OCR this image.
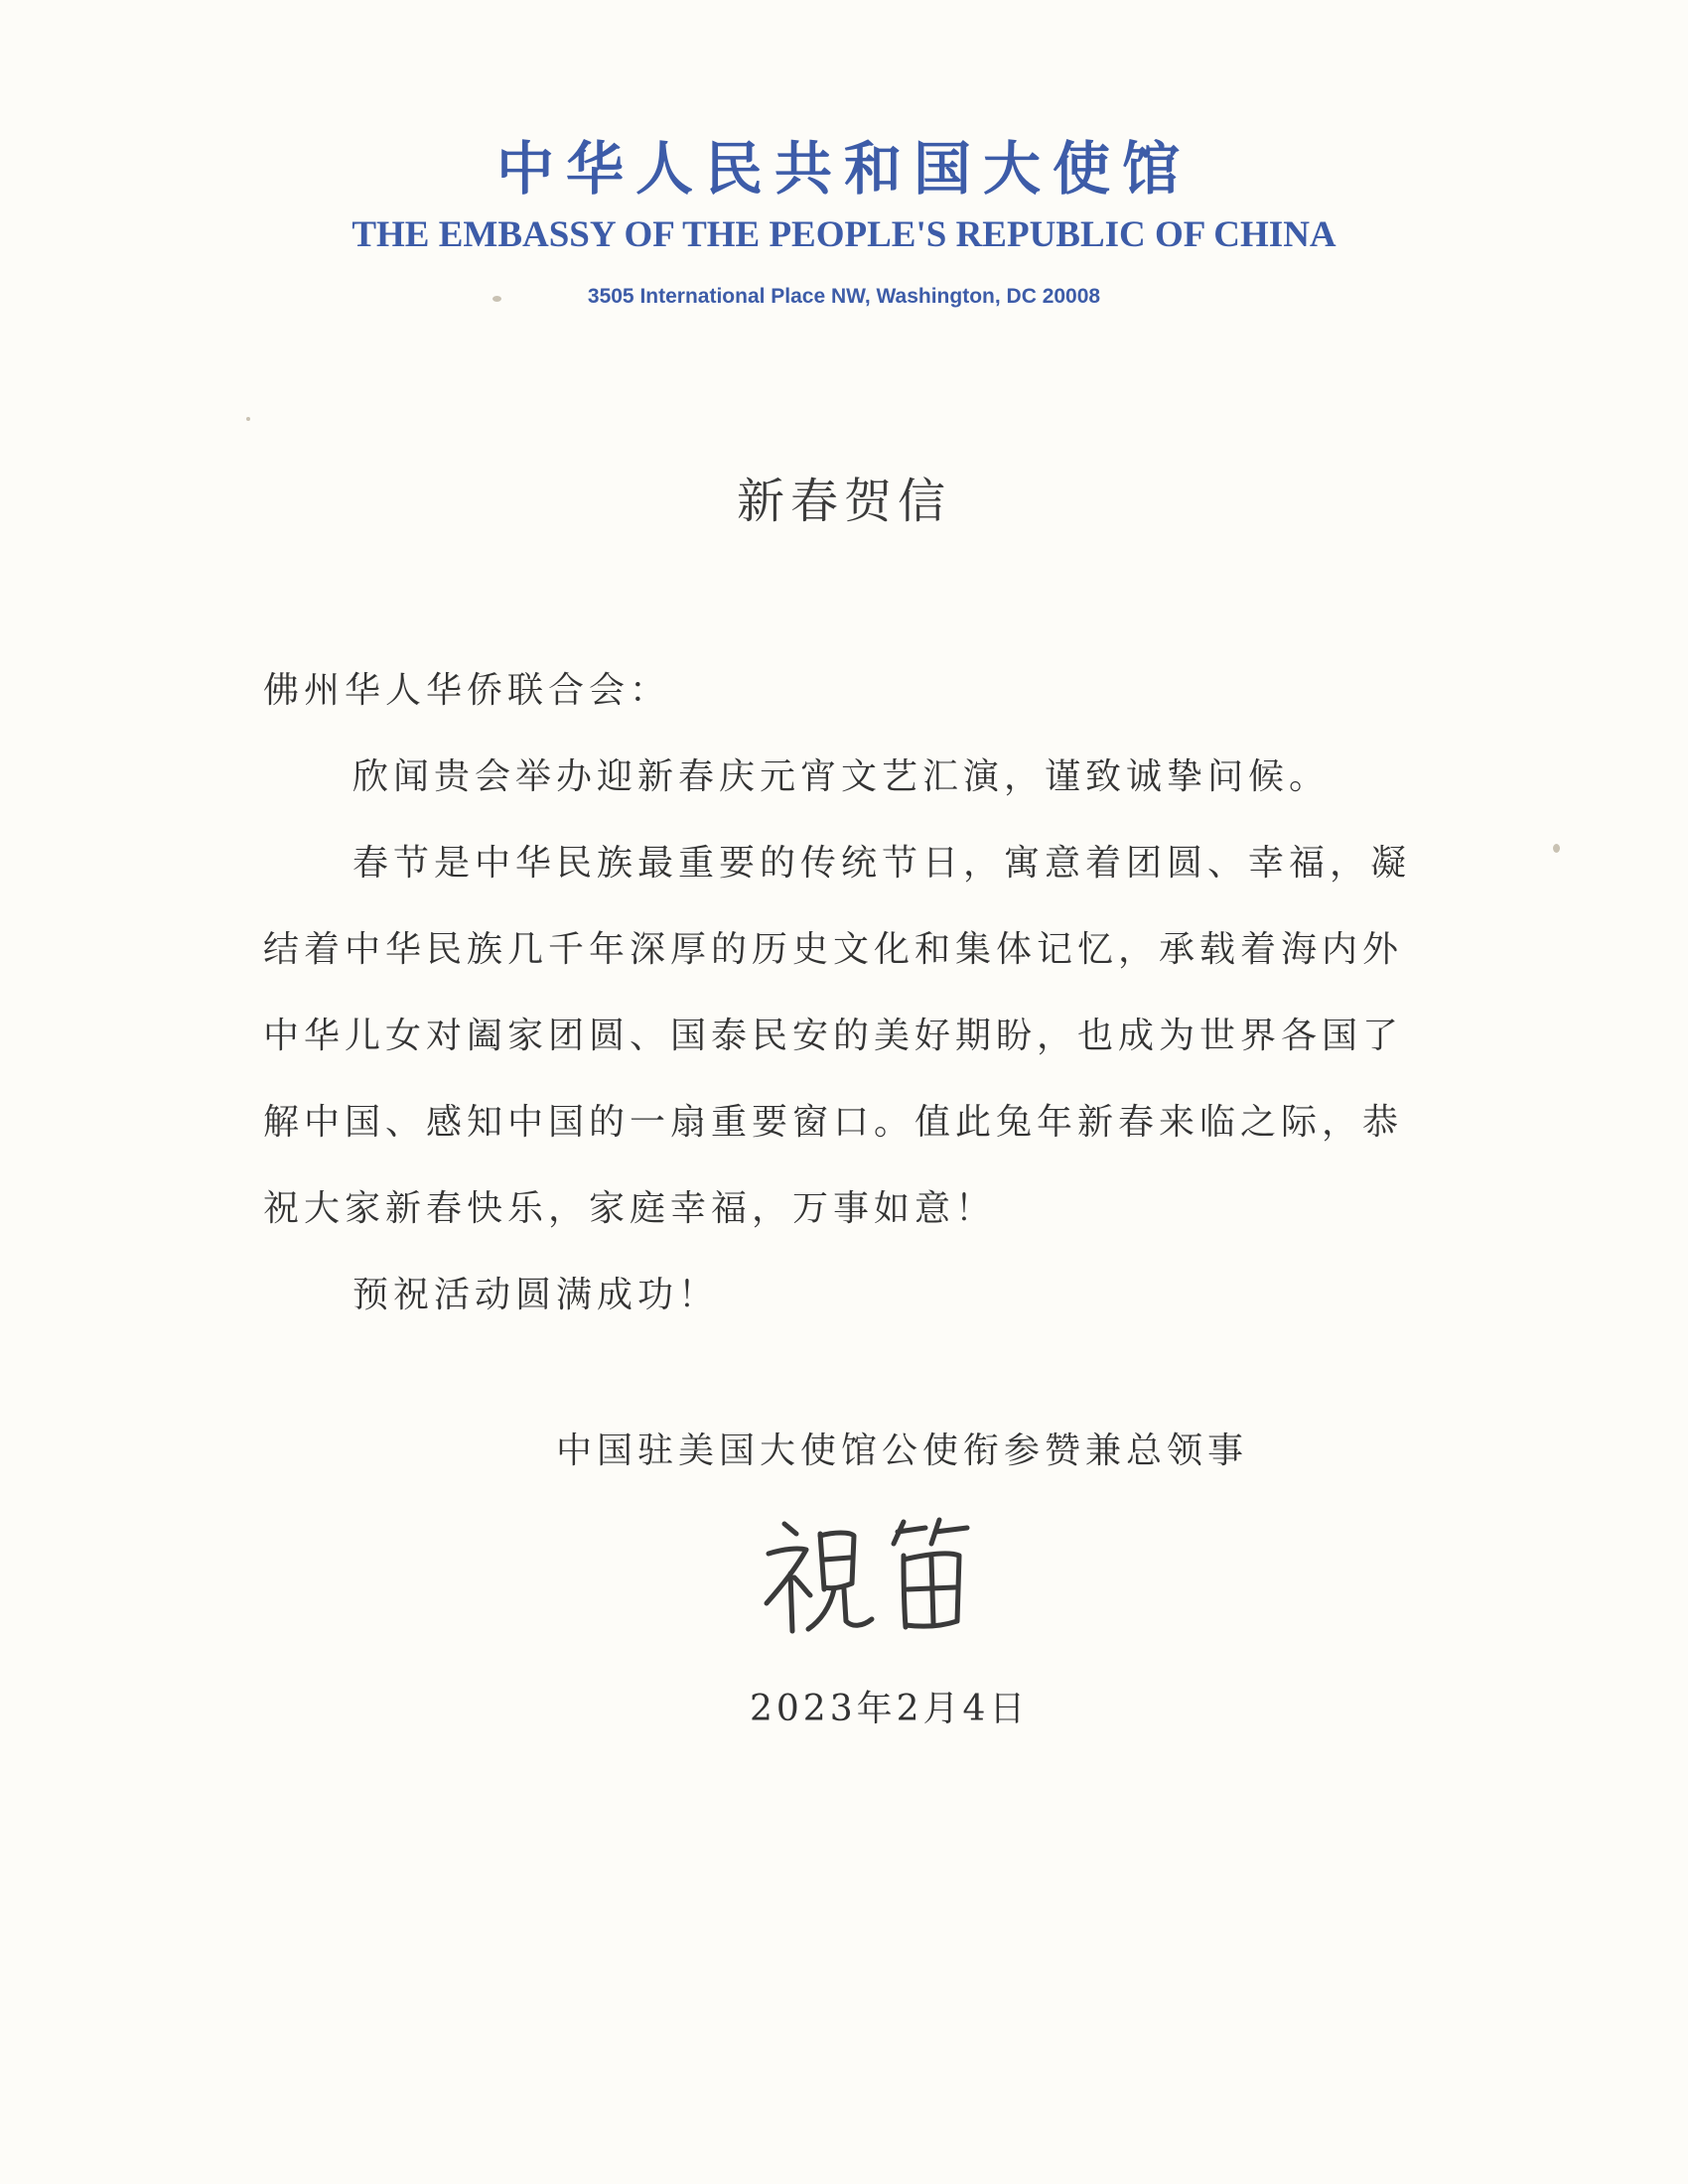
中华人民共和国大使馆
THE EMBASSY OF THE PEOPLE'S REPUBLIC OF CHINA
3505 International Place NW, Washington, DC 20008
新春贺信

佛州华人华侨联合会：

欣闻贵会举办迎新春庆元宵文艺汇演，谨致诚挚问候。

春节是中华民族最重要的传统节日，寓意着团圆、幸福，凝结着中华民族几千年深厚的历史文化和集体记忆，承载着海内外中华儿女对阖家团圆、国泰民安的美好期盼，也成为世界各国了解中国、感知中国的一扇重要窗口。值此兔年新春来临之际，恭祝大家新春快乐，家庭幸福，万事如意！

预祝活动圆满成功！

中国驻美国大使馆公使衔参赞兼总领事
2023年2月4日
